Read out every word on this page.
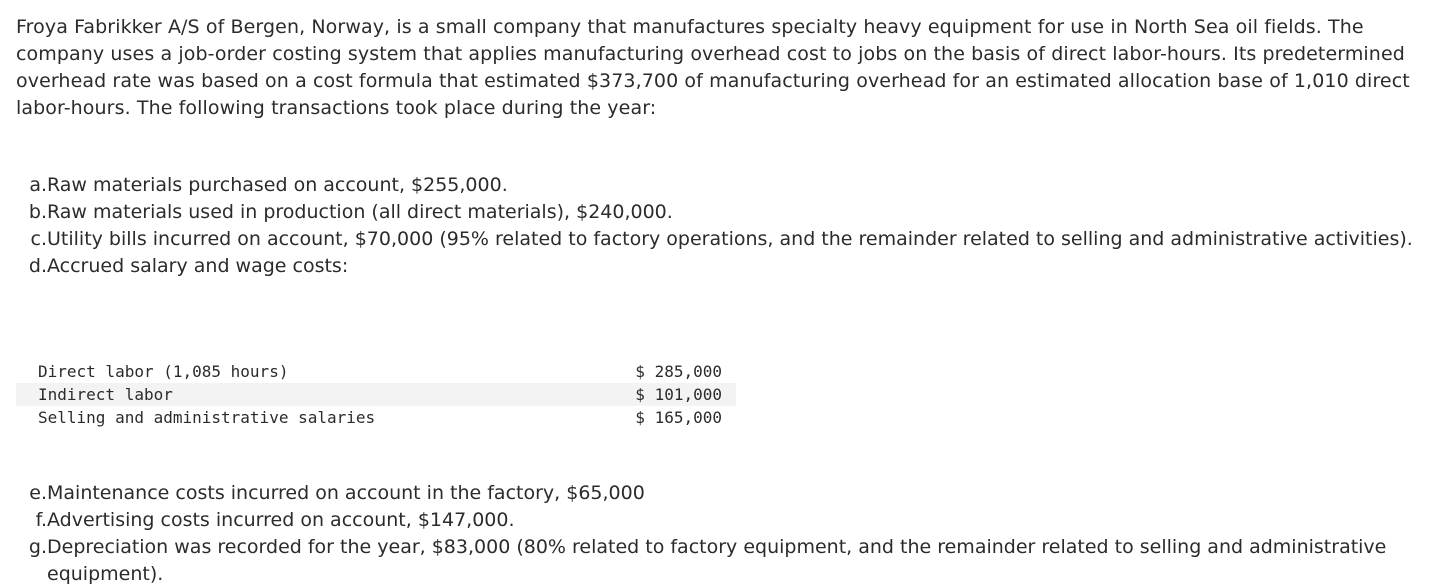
Froya Fabrikker A/S of Bergen, Norway, is a small company that manufactures specialty heavy equipment for use in North Sea oil fields. The company uses a job-order costing system that applies manufacturing overhead cost to jobs on the basis of direct labor-hours. Its predetermined overhead rate was based on a cost formula that estimated $373,700 of manufacturing overhead for an estimated allocation base of 1,010 direct labor-hours. The following transactions took place during the year:

a. Raw materials purchased on account, $255,000.
b. Raw materials used in production (all direct materials), $240,000.
c. Utility bills incurred on account, $70,000 (95% related to factory operations, and the remainder related to selling and administrative activities).
d. Accrued salary and wage costs:
Direct labor (1,085 hours)	$ 285,000
Indirect labor	$ 101,000
Selling and administrative salaries	$ 165,000
e. Maintenance costs incurred on account in the factory, $65,000
f. Advertising costs incurred on account, $147,000.
g. Depreciation was recorded for the year, $83,000 (80% related to factory equipment, and the remainder related to selling and administrative equipment).
